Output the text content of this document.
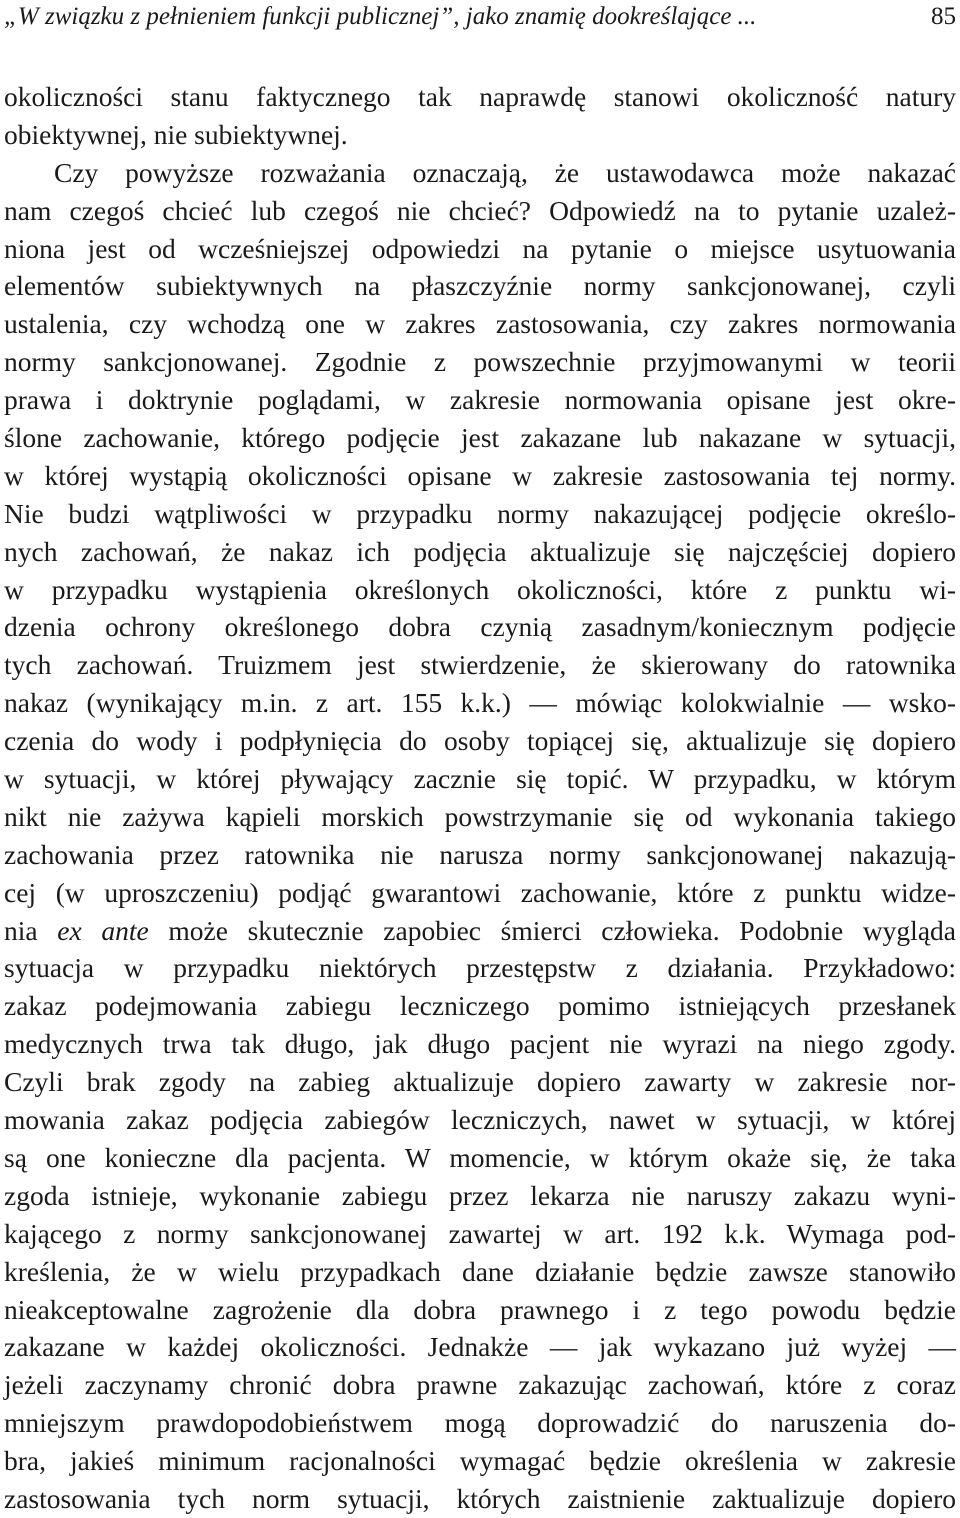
„W związku z pełnieniem funkcji publicznej”, jako znamię dookreślające ...	85
okoliczności stanu faktycznego tak naprawdę stanowi okoliczność natury
obiektywnej, nie subiektywnej.
Czy powyższe rozważania oznaczają, że ustawodawca może nakazać
nam czegoś chcieć lub czegoś nie chcieć? Odpowiedź na to pytanie uzależ-
niona jest od wcześniejszej odpowiedzi na pytanie o miejsce usytuowania
elementów subiektywnych na płaszczyźnie normy sankcjonowanej, czyli
ustalenia, czy wchodzą one w zakres zastosowania, czy zakres normowania
normy sankcjonowanej. Zgodnie z powszechnie przyjmowanymi w teorii
prawa i doktrynie poglądami, w zakresie normowania opisane jest okre-
ślone zachowanie, którego podjęcie jest zakazane lub nakazane w sytuacji,
w której wystąpią okoliczności opisane w zakresie zastosowania tej normy.
Nie budzi wątpliwości w przypadku normy nakazującej podjęcie określo-
nych zachowań, że nakaz ich podjęcia aktualizuje się najczęściej dopiero
w przypadku wystąpienia określonych okoliczności, które z punktu wi-
dzenia ochrony określonego dobra czynią zasadnym/koniecznym podjęcie
tych zachowań. Truizmem jest stwierdzenie, że skierowany do ratownika
nakaz (wynikający m.in. z art. 155 k.k.) — mówiąc kolokwialnie — wsko-
czenia do wody i podpłynięcia do osoby topiącej się, aktualizuje się dopiero
w sytuacji, w której pływający zacznie się topić. W przypadku, w którym
nikt nie zażywa kąpieli morskich powstrzymanie się od wykonania takiego
zachowania przez ratownika nie narusza normy sankcjonowanej nakazują-
cej (w uproszczeniu) podjąć gwarantowi zachowanie, które z punktu widze-
nia ex ante może skutecznie zapobiec śmierci człowieka. Podobnie wygląda
sytuacja w przypadku niektórych przestępstw z działania. Przykładowo:
zakaz podejmowania zabiegu leczniczego pomimo istniejących przesłanek
medycznych trwa tak długo, jak długo pacjent nie wyrazi na niego zgody.
Czyli brak zgody na zabieg aktualizuje dopiero zawarty w zakresie nor-
mowania zakaz podjęcia zabiegów leczniczych, nawet w sytuacji, w której
są one konieczne dla pacjenta. W momencie, w którym okaże się, że taka
zgoda istnieje, wykonanie zabiegu przez lekarza nie naruszy zakazu wyni-
kającego z normy sankcjonowanej zawartej w art. 192 k.k. Wymaga pod-
kreślenia, że w wielu przypadkach dane działanie będzie zawsze stanowiło
nieakceptowalne zagrożenie dla dobra prawnego i z tego powodu będzie
zakazane w każdej okoliczności. Jednakże — jak wykazano już wyżej —
jeżeli zaczynamy chronić dobra prawne zakazując zachowań, które z coraz
mniejszym prawdopodobieństwem mogą doprowadzić do naruszenia do-
bra, jakieś minimum racjonalności wymagać będzie określenia w zakresie
zastosowania tych norm sytuacji, których zaistnienie zaktualizuje dopiero
